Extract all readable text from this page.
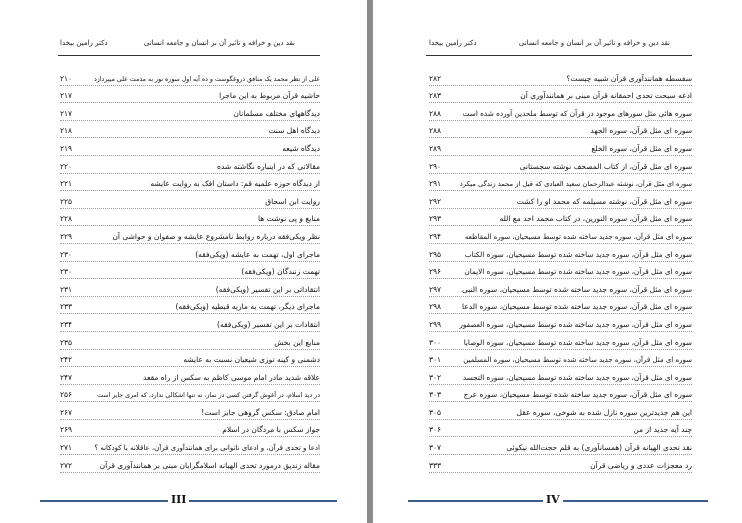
نقد دین و خرافه و تاثیر آن بر انسان و جامعه انسانی
دکتر رامین بیخدا
علی از نظر محمد یک منافق دروغگوست و ده آیه اول سوره نور به مذمت علی میپردازد
۲۱۰
حاشیه قرآن مربوط به این ماجرا
۲۱۷
دیدگاههای مختلف مسلمانان
۲۱۷
دیدگاه اهل سنت
۲۱۸
دیدگاه شیعه
۲۱۹
مقالاتی که در اینباره نگاشته شده
۲۲۰
از دیدگاه حوزه علمیه قم: داستان افک به روایت عایشه
۲۲۱
روایت ابن اسحاق
۲۲۵
منابع و پی نوشت ها
۲۲۸
نظر ویکی‌فقه درباره روابط نامشروع عایشه و صفوان و حواشی آن
۲۲۹
ماجرای اول، تهمت به عایشه (ویکی‌فقه)
۲۳۰
تهمت زنندگان (ویکی‌فقه)
۲۳۰
انتقاداتی بر این تفسیر (ویکی‌فقه)
۲۳۱
ماجرای دیگر، تهمت به ماریه قبطیه (ویکی‌فقه)
۲۳۳
انتقادات بر این تفسیر (ویکی‌فقه)
۲۳۴
منابع این بخش
۲۳۵
دشمنی و کینه توزی شیعیان نسبت به عایشه
۲۴۲
علاقه شدید مادر امام موسی کاظم به سکس از راه مقعد
۲۴۷
در دید اسلام، در آغوش گرفتن کسی در نماز، نه تنها اشکالی ندارد، که امری جایز است
۲۵۶
امام صادق: سکس گروهی جایز است!
۲۶۷
جواز سکس با مردگان در اسلام
۲۶۹
ادعا و تحدی قرآن، و ادعای ناتوانی برای همانندآوری قرآن، عاقلانه یا کودکانه ؟
۲۷۱
مقاله زندیق درمورد تحدی الهیانه اسلامگرایان مبنی بر همانندآوری قرآن
۲۷۲
III
نقد دین و خرافه و تاثیر آن بر انسان و جامعه انسانی
دکتر رامین بیخدا
سفسطه همانندآوری قرآن شبیه چیست؟
۲۸۲
ادعه سبحت تحدی احمقانه قرآن مبنی بر همانندآوری آن
۲۸۳
سوره هائی مثل سورهای موجود در قرآن که توسط ملحدین آورده شده است
۲۸۸
سوره ای مثل قرآن، سوره الجهد
۲۸۸
سوره ای مثل قرآن، سوره الخلع
۲۸۹
سوره ای مثل قرآن، از کتاب المصحف نوشته سجستانی
۲۹۰
سوره ای مثل قرآن، نوشته عبدالرحمان سعید العبادی که قبل از محمد زندگی میکرد
۲۹۱
سوره ای مثل قرآن، نوشته مسیلمه که محمد او را کشت
۲۹۲
سوره ای مثل قرآن، سوره النورین، در کتاب محمد احد مع الله
۲۹۳
سوره ای مثل قرآن، سوره جدید ساخته شده توسط مسیحیان، سوره المقاطعه
۲۹۴
سوره ای مثل قرآن، سوره جدید ساخته شده توسط مسیحیان، سوره الکتاب
۲۹۵
سوره ای مثل قرآن، سوره جدید ساخته شده توسط مسیحیان، سوره الایمان
۲۹۶
سوره ای مثل قرآن، سوره جدید ساخته شده توسط مسیحیان، سوره النبی
۲۹۷
سوره ای مثل قرآن، سوره جدید ساخته شده توسط مسیحیان، سوره الدعا
۲۹۸
سوره ای مثل قرآن، سوره جدید ساخته شده توسط مسیحیان، سوره العصفور
۲۹۹
سوره ای مثل قرآن، سوره جدید ساخته شده توسط مسیحیان، سوره الوصایا
۳۰۰
سوره ای مثل قرآن، سوره جدید ساخته شده توسط مسیحیان، سوره المسلمین
۳۰۱
سوره ای مثل قرآن، سوره جدید ساخته شده توسط مسیحیان، سوره التجسد
۳۰۲
سوره ای مثل قرآن، سوره جدید ساخته شده توسط مسیحیان، سوره عرج
۳۰۳
این هم جدیدترین سوره نازل شده به شوخی، سوره عقل
۳۰۵
چند آیه جدید از من
۳۰۶
نقد تحدی الهیانه قرآن (همسانآوری) به قلم حجت‌الله نیکوئی
۳۰۷
رد معجزات عددی و ریاضی قرآن
۳۳۳
IV
